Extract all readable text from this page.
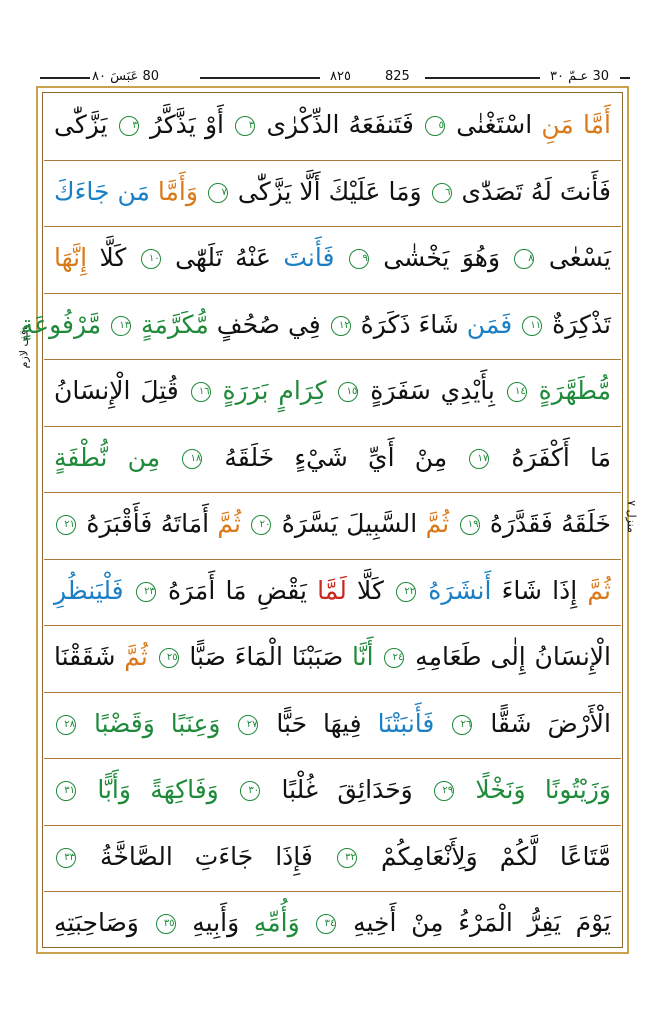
80 عَبَسَ ٨٠	٨٢٥	825	30 عـمّ ٣٠
وقف لازم
منزل ٧
أَمَّا مَنِ اسْتَغْنٰى ٥ فَتَنفَعَهُ الذِّكْرٰى ٣ أَوْ يَذَّكَّرُ ٣ يَزَّكّٰى
فَأَنتَ لَهُ تَصَدّٰى ٦ وَمَا عَلَيْكَ أَلَّا يَزَّكّٰى ٧ وَأَمَّا مَن جَاءَكَ
يَسْعٰى ٨ وَهُوَ يَخْشٰى ٩ فَأَنتَ عَنْهُ تَلَهّٰى ١٠ كَلَّا إِنَّهَا
تَذْكِرَةٌ ١١ فَمَن شَاءَ ذَكَرَهُ ١٢ فِي صُحُفٍ مُّكَرَّمَةٍ ١٣ مَّرْفُوعَةٍ
مُّطَهَّرَةٍ ١٤ بِأَيْدِي سَفَرَةٍ ١٥ كِرَامٍ بَرَرَةٍ ١٦ قُتِلَ الْإِنسَانُ
مَا أَكْفَرَهُ ١٧ مِنْ أَيِّ شَيْءٍ خَلَقَهُ ١٨ مِن نُّطْفَةٍ
خَلَقَهُ فَقَدَّرَهُ ١٩ ثُمَّ السَّبِيلَ يَسَّرَهُ ٢٠ ثُمَّ أَمَاتَهُ فَأَقْبَرَهُ ٢١
ثُمَّ إِذَا شَاءَ أَنشَرَهُ ٢٢ كَلَّا لَمَّا يَقْضِ مَا أَمَرَهُ ٢٣ فَلْيَنظُرِ
الْإِنسَانُ إِلٰى طَعَامِهِ ٢٤ أَنَّا صَبَبْنَا الْمَاءَ صَبًّا ٢٥ ثُمَّ شَقَقْنَا
الْأَرْضَ شَقًّا ٢٦ فَأَنبَتْنَا فِيهَا حَبًّا ٢٧ وَعِنَبًا وَقَضْبًا ٢٨
وَزَيْتُونًا وَنَخْلًا ٢٩ وَحَدَائِقَ غُلْبًا ٣٠ وَفَاكِهَةً وَأَبًّا ٣١
مَّتَاعًا لَّكُمْ وَلِأَنْعَامِكُمْ ٣٢ فَإِذَا جَاءَتِ الصَّاخَّةُ ٣٣
يَوْمَ يَفِرُّ الْمَرْءُ مِنْ أَخِيهِ ٣٤ وَأُمِّهِ وَأَبِيهِ ٣٥ وَصَاحِبَتِهِ
